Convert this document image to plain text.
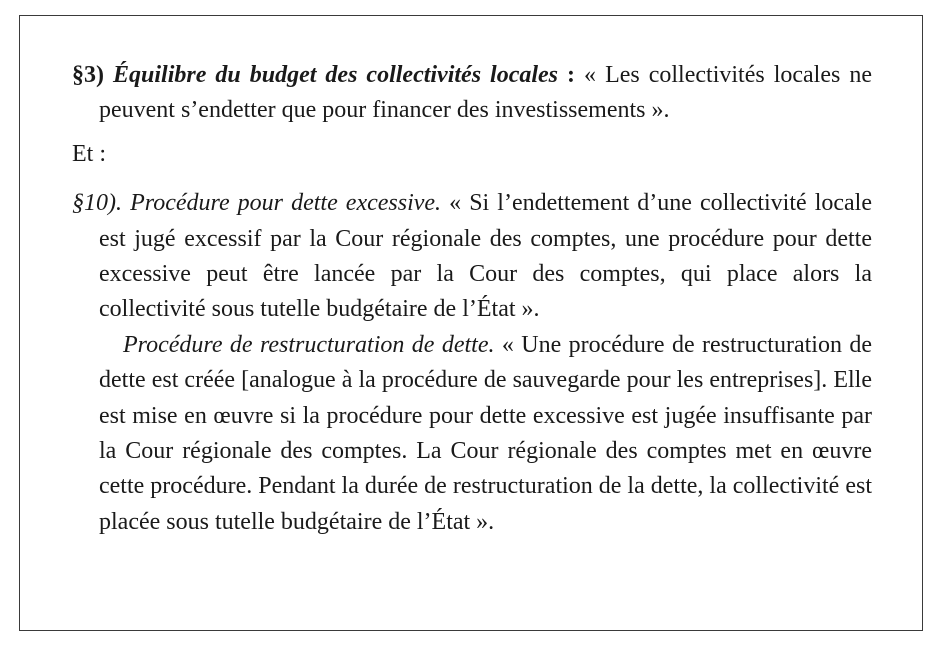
§3) Équilibre du budget des collectivités locales : « Les collectivités locales ne peuvent s’endetter que pour financer des investissements ».

Et :

§10). Procédure pour dette excessive. « Si l’endettement d’une collectivité locale est jugé excessif par la Cour régionale des comptes, une procédure pour dette excessive peut être lancée par la Cour des comptes, qui place alors la collectivité sous tutelle budgétaire de l’État ».

Procédure de restructuration de dette. « Une procédure de restructuration de dette est créée [analogue à la procédure de sauvegarde pour les entreprises]. Elle est mise en œuvre si la procédure pour dette excessive est jugée insuffisante par la Cour régionale des comptes. La Cour régionale des comptes met en œuvre cette procédure. Pendant la durée de restructuration de la dette, la collectivité est placée sous tutelle budgétaire de l’État ».
